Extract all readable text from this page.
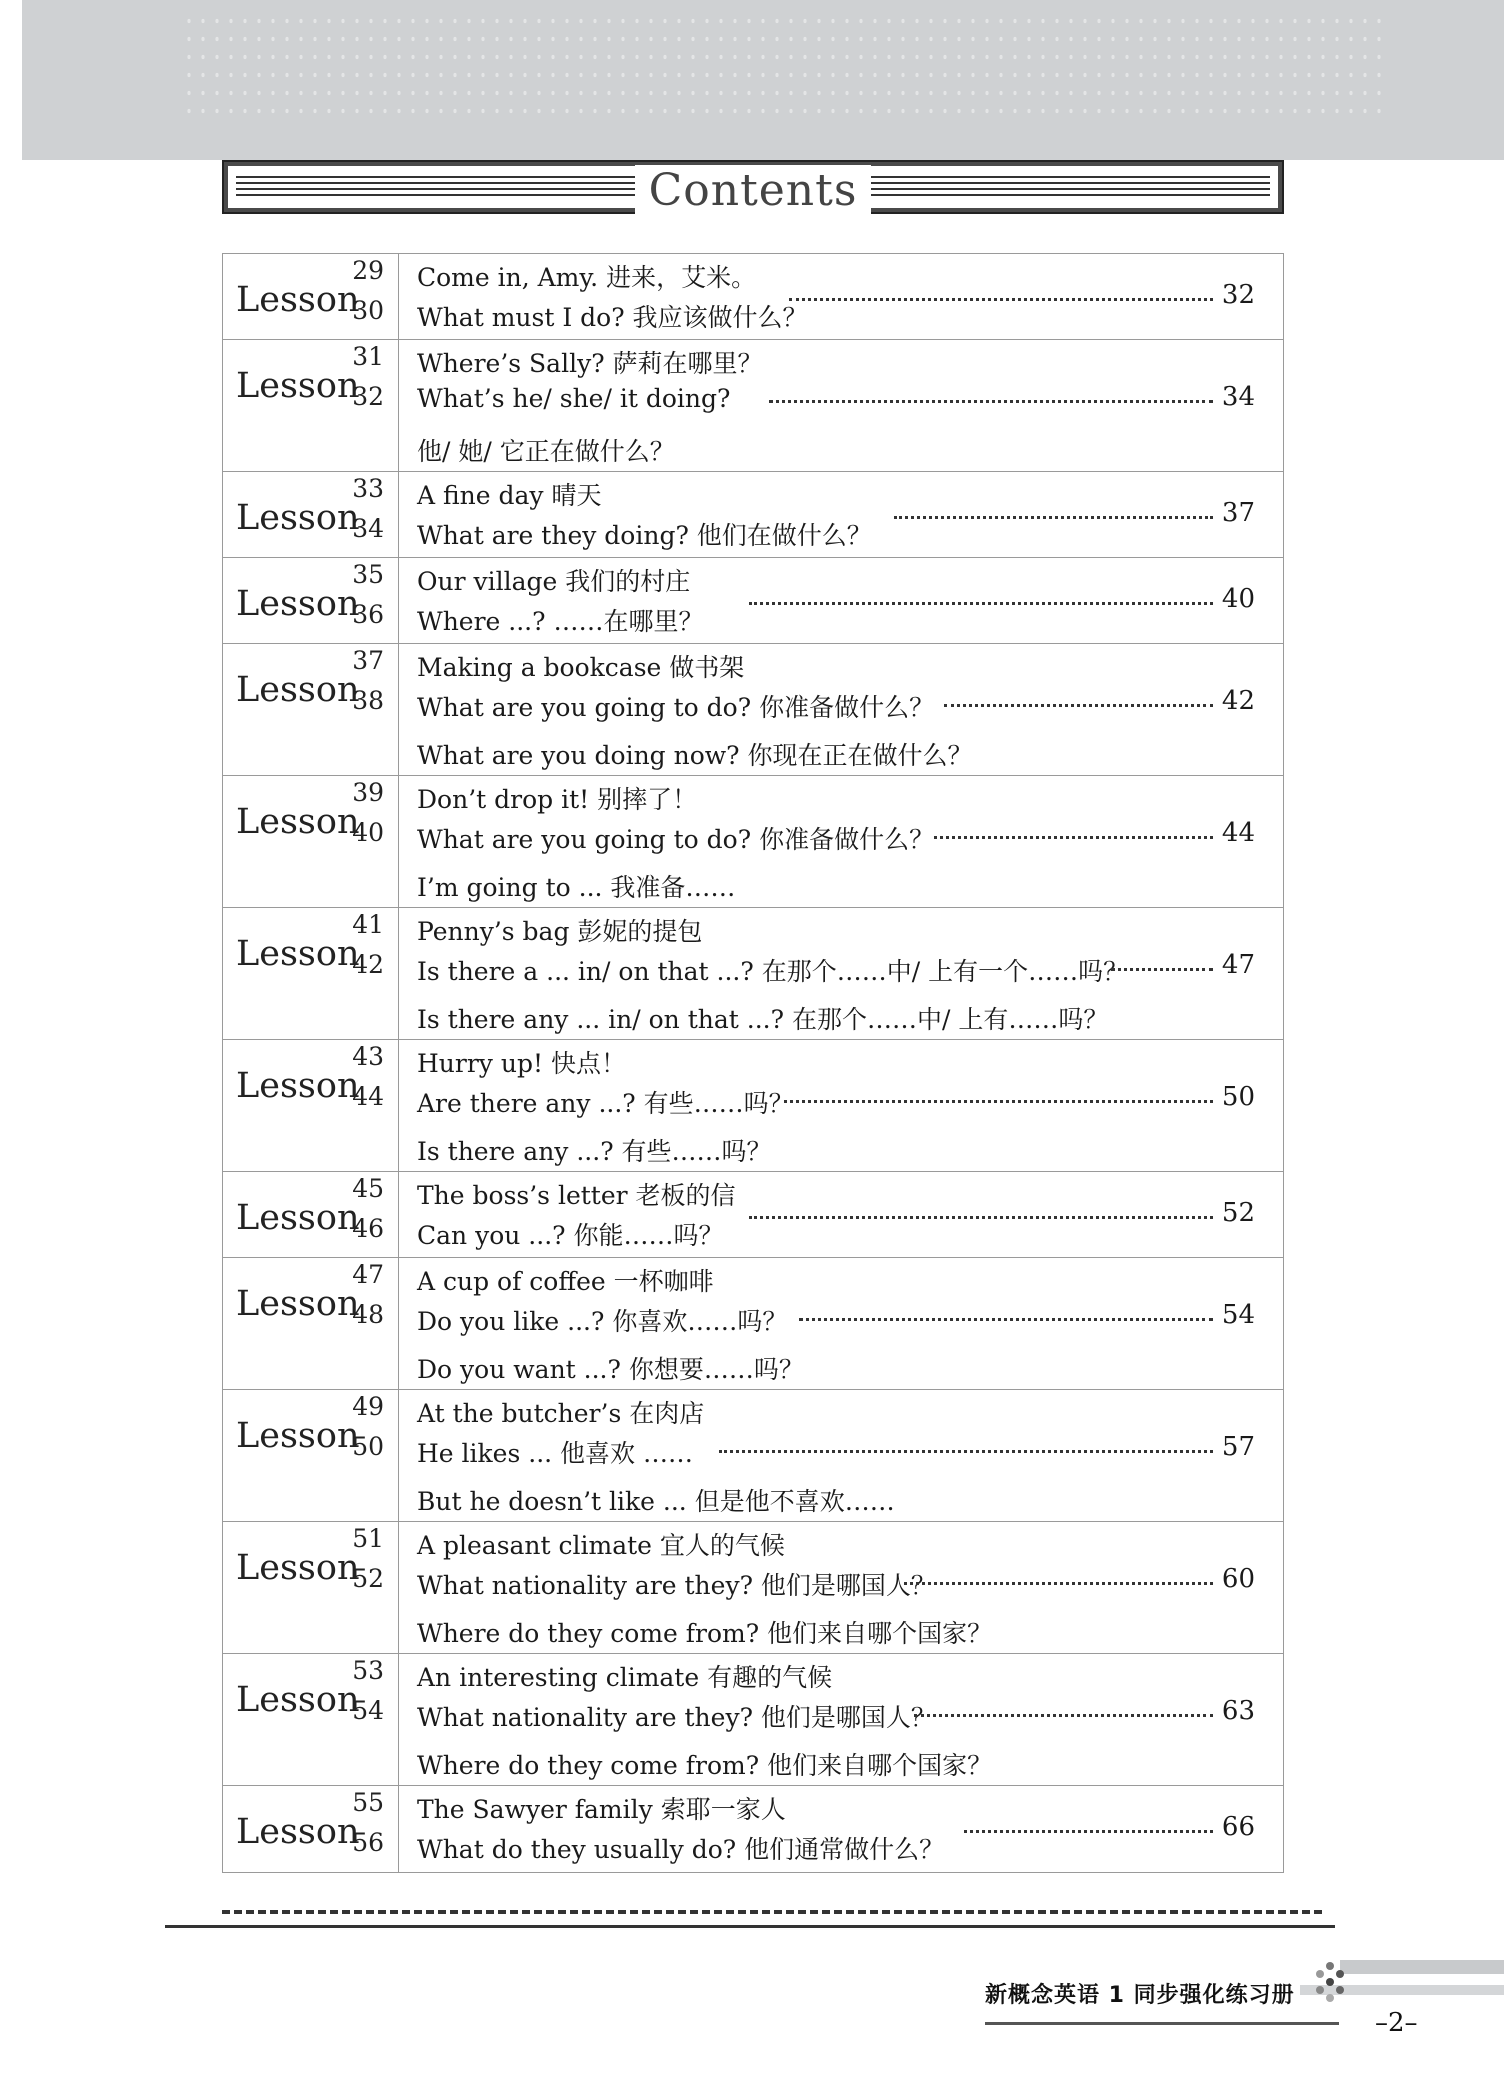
Contents
Lesson
29
30
Come in, Amy. 进来，艾米。
What must I do? 我应该做什么？
32
Lesson
31
32
Where’s Sally? 萨莉在哪里？
What’s he/ she/ it doing?
他/ 她/ 它正在做什么？
34
Lesson
33
34
A fine day 晴天
What are they doing? 他们在做什么？
37
Lesson
35
36
Our village 我们的村庄
Where ...? ……在哪里？
40
Lesson
37
38
Making a bookcase 做书架
What are you going to do? 你准备做什么？
What are you doing now? 你现在正在做什么？
42
Lesson
39
40
Don’t drop it! 别摔了！
What are you going to do? 你准备做什么？
I’m going to ... 我准备……
44
Lesson
41
42
Penny’s bag 彭妮的提包
Is there a ... in/ on that ...? 在那个……中/ 上有一个……吗？
Is there any ... in/ on that ...? 在那个……中/ 上有……吗？
47
Lesson
43
44
Hurry up! 快点！
Are there any ...? 有些……吗？
Is there any ...? 有些……吗？
50
Lesson
45
46
The boss’s letter 老板的信
Can you ...? 你能……吗？
52
Lesson
47
48
A cup of coffee 一杯咖啡
Do you like ...? 你喜欢……吗？
Do you want ...? 你想要……吗？
54
Lesson
49
50
At the butcher’s 在肉店
He likes ... 他喜欢 ……
But he doesn’t like ... 但是他不喜欢……
57
Lesson
51
52
A pleasant climate 宜人的气候
What nationality are they? 他们是哪国人？
Where do they come from? 他们来自哪个国家？
60
Lesson
53
54
An interesting climate 有趣的气候
What nationality are they? 他们是哪国人？
Where do they come from? 他们来自哪个国家？
63
Lesson
55
56
The Sawyer family 索耶一家人
What do they usually do? 他们通常做什么？
66
新概念英语 1 同步强化练习册
–2–
